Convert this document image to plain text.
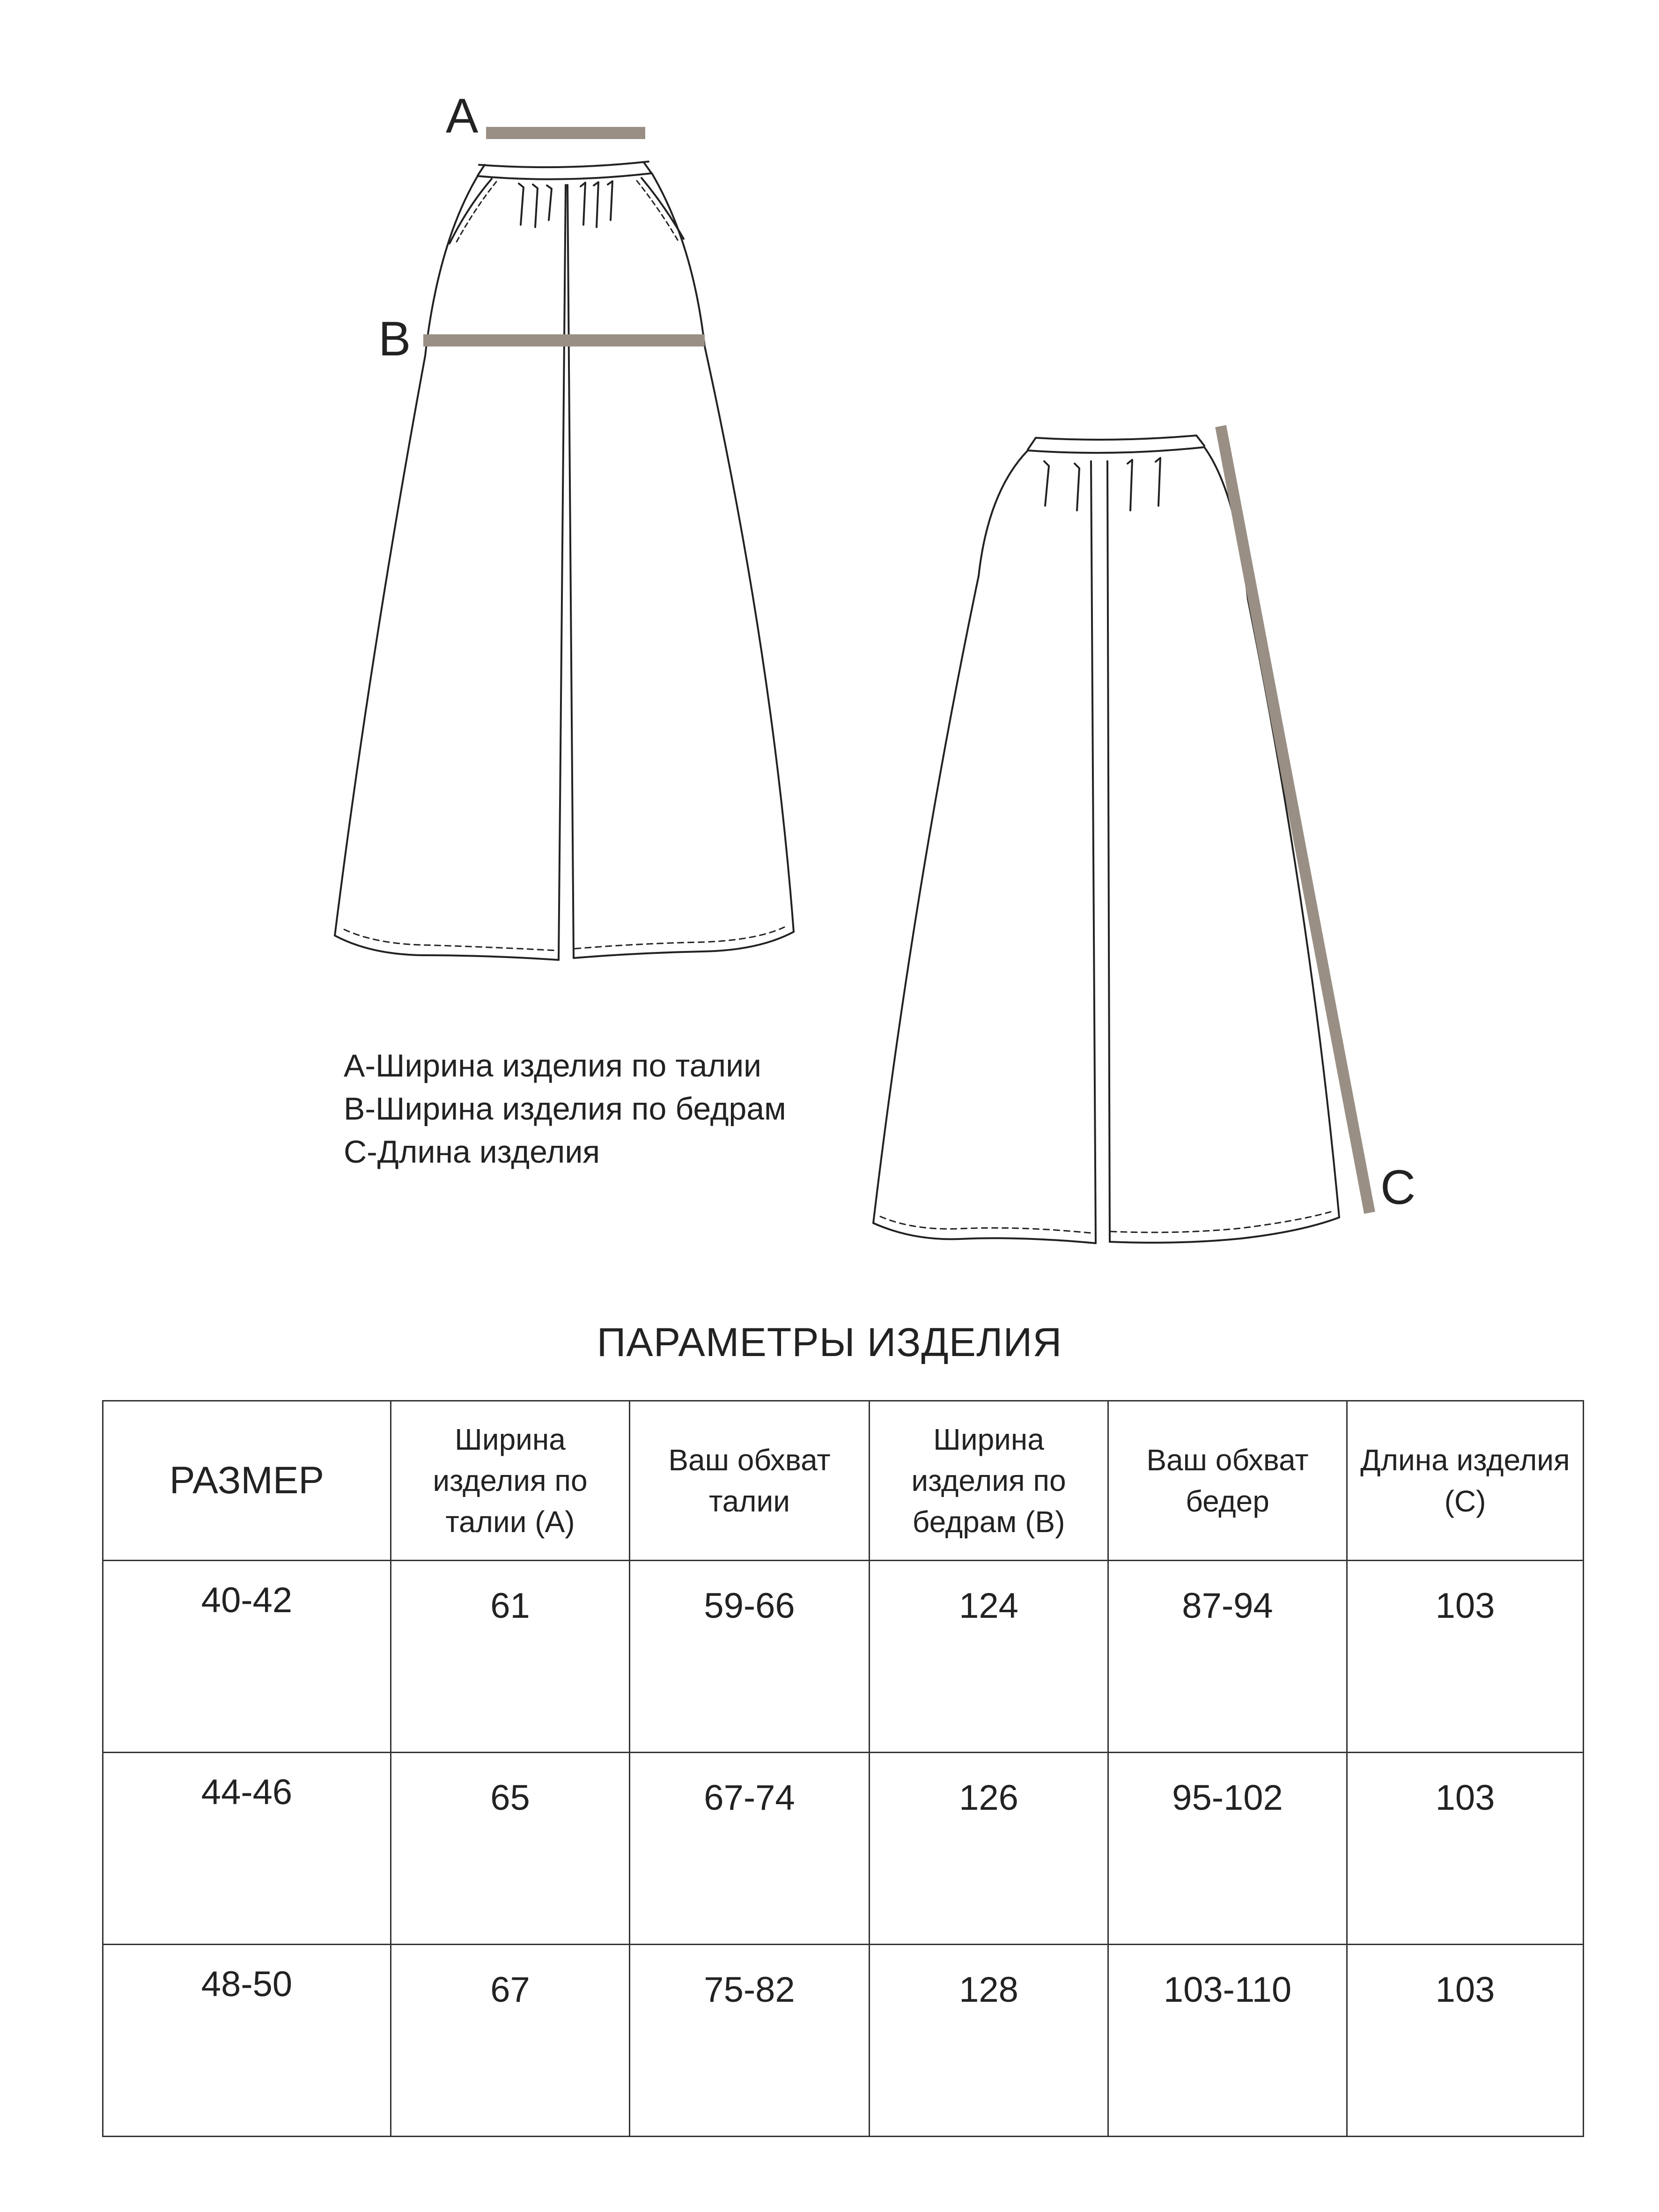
A
B
C
A-Ширина изделия по талии
B-Ширина изделия по бедрам
C-Длина изделия
ПАРАМЕТРЫ ИЗДЕЛИЯ
РАЗМЕР	Ширина изделия по талии (A)	Ваш обхват талии	Ширина изделия по бедрам (B)	Ваш обхват бедер	Длина изделия (C)
40-42	61	59-66	124	87-94	103
44-46	65	67-74	126	95-102	103
48-50	67	75-82	128	103-110	103
